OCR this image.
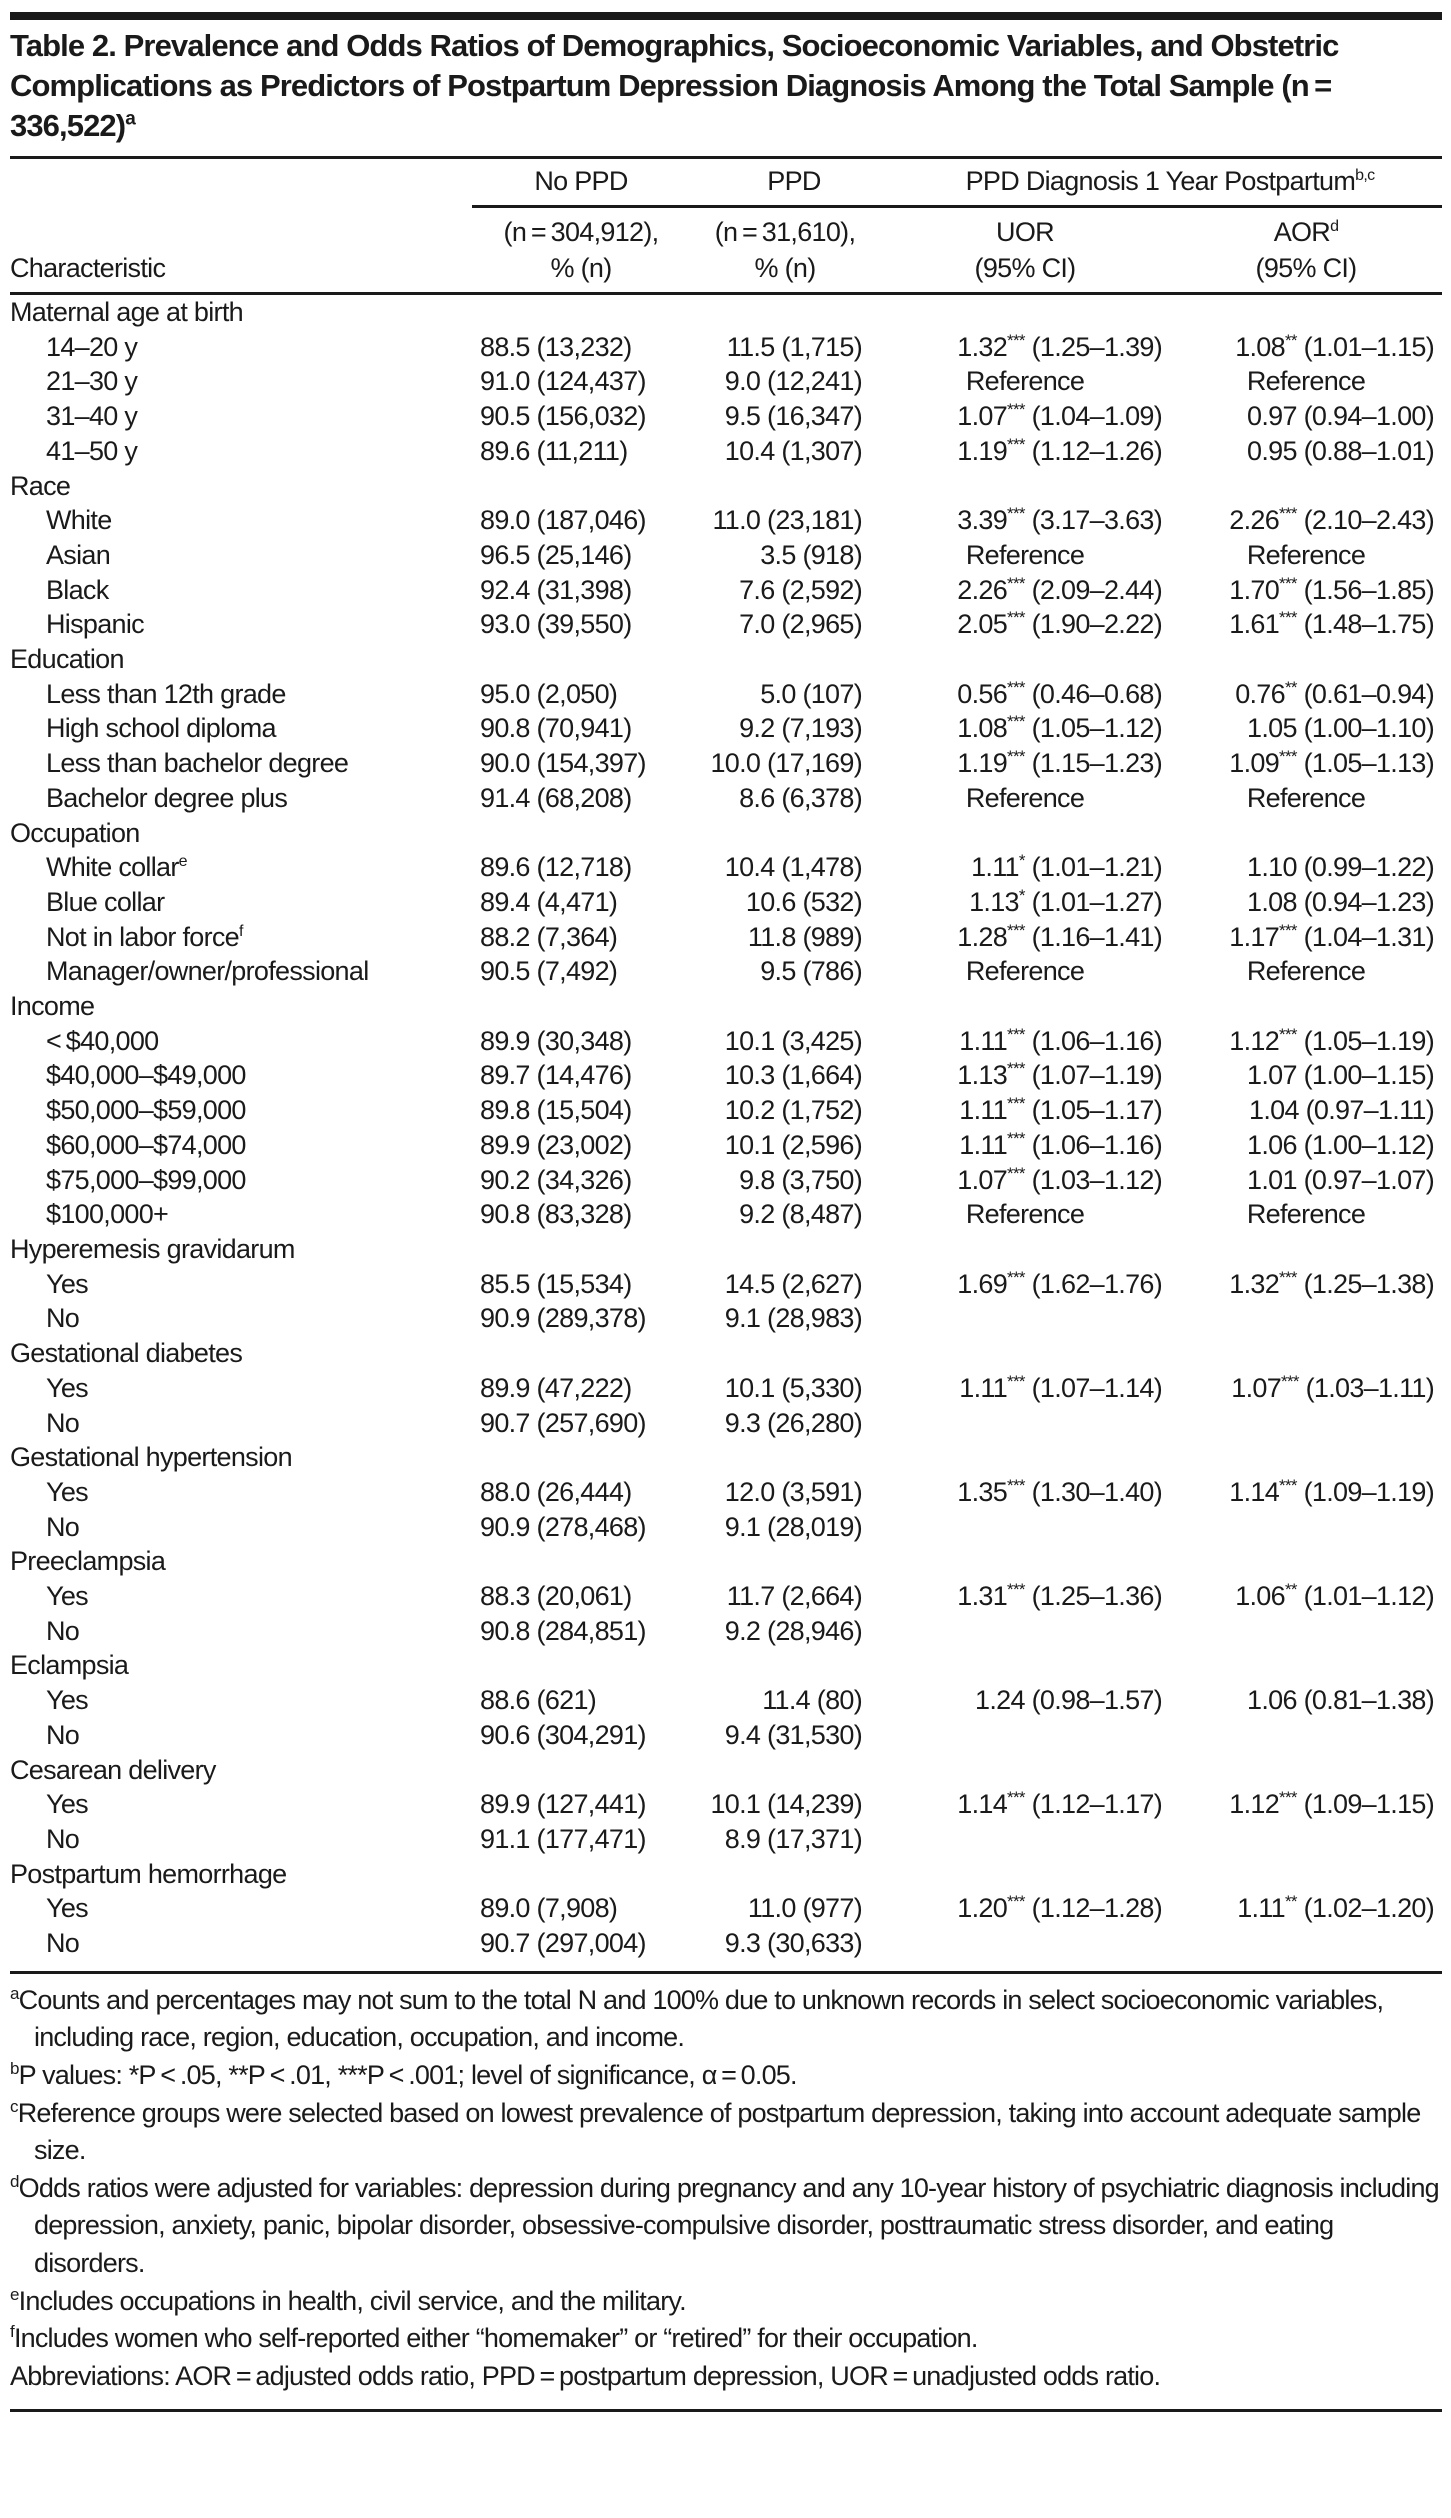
Table 2. Prevalence and Odds Ratios of Demographics, Socioeconomic Variables, and Obstetric Complications as Predictors of Postpartum Depression Diagnosis Among the Total Sample (n = 336,522)$^a$
	No PPD	PPD	PPD Diagnosis 1 Year Postpartum$^{b,c}$
	(n = 304,912),	(n = 31,610),	UOR	AOR$^d$
Characteristic	% (n)	% (n)	(95% CI)	(95% CI)
Maternal age at birth				
14–20 y	88.5 (13,232)	11.5 (1,715)	1.32*** (1.25–1.39)	1.08** (1.01–1.15)
21–30 y	91.0 (124,437)	9.0 (12,241)	Reference	Reference
31–40 y	90.5 (156,032)	9.5 (16,347)	1.07*** (1.04–1.09)	0.97 (0.94–1.00)
41–50 y	89.6 (11,211)	10.4 (1,307)	1.19*** (1.12–1.26)	0.95 (0.88–1.01)
Race				
White	89.0 (187,046)	11.0 (23,181)	3.39*** (3.17–3.63)	2.26*** (2.10–2.43)
Asian	96.5 (25,146)	3.5 (918)	Reference	Reference
Black	92.4 (31,398)	7.6 (2,592)	2.26*** (2.09–2.44)	1.70*** (1.56–1.85)
Hispanic	93.0 (39,550)	7.0 (2,965)	2.05*** (1.90–2.22)	1.61*** (1.48–1.75)
Education				
Less than 12th grade	95.0 (2,050)	5.0 (107)	0.56*** (0.46–0.68)	0.76** (0.61–0.94)
High school diploma	90.8 (70,941)	9.2 (7,193)	1.08*** (1.05–1.12)	1.05 (1.00–1.10)
Less than bachelor degree	90.0 (154,397)	10.0 (17,169)	1.19*** (1.15–1.23)	1.09*** (1.05–1.13)
Bachelor degree plus	91.4 (68,208)	8.6 (6,378)	Reference	Reference
Occupation				
White collar$^e$	89.6 (12,718)	10.4 (1,478)	1.11* (1.01–1.21)	1.10 (0.99–1.22)
Blue collar	89.4 (4,471)	10.6 (532)	1.13* (1.01–1.27)	1.08 (0.94–1.23)
Not in labor force$^f$	88.2 (7,364)	11.8 (989)	1.28*** (1.16–1.41)	1.17*** (1.04–1.31)
Manager/owner/professional	90.5 (7,492)	9.5 (786)	Reference	Reference
Income				
< $40,000	89.9 (30,348)	10.1 (3,425)	1.11*** (1.06–1.16)	1.12*** (1.05–1.19)
$40,000–$49,000	89.7 (14,476)	10.3 (1,664)	1.13*** (1.07–1.19)	1.07 (1.00–1.15)
$50,000–$59,000	89.8 (15,504)	10.2 (1,752)	1.11*** (1.05–1.17)	1.04 (0.97–1.11)
$60,000–$74,000	89.9 (23,002)	10.1 (2,596)	1.11*** (1.06–1.16)	1.06 (1.00–1.12)
$75,000–$99,000	90.2 (34,326)	9.8 (3,750)	1.07*** (1.03–1.12)	1.01 (0.97–1.07)
$100,000+	90.8 (83,328)	9.2 (8,487)	Reference	Reference
Hyperemesis gravidarum				
Yes	85.5 (15,534)	14.5 (2,627)	1.69*** (1.62–1.76)	1.32*** (1.25–1.38)
No	90.9 (289,378)	9.1 (28,983)		
Gestational diabetes				
Yes	89.9 (47,222)	10.1 (5,330)	1.11*** (1.07–1.14)	1.07*** (1.03–1.11)
No	90.7 (257,690)	9.3 (26,280)		
Gestational hypertension				
Yes	88.0 (26,444)	12.0 (3,591)	1.35*** (1.30–1.40)	1.14*** (1.09–1.19)
No	90.9 (278,468)	9.1 (28,019)		
Preeclampsia				
Yes	88.3 (20,061)	11.7 (2,664)	1.31*** (1.25–1.36)	1.06** (1.01–1.12)
No	90.8 (284,851)	9.2 (28,946)		
Eclampsia				
Yes	88.6 (621)	11.4 (80)	1.24 (0.98–1.57)	1.06 (0.81–1.38)
No	90.6 (304,291)	9.4 (31,530)		
Cesarean delivery				
Yes	89.9 (127,441)	10.1 (14,239)	1.14*** (1.12–1.17)	1.12*** (1.09–1.15)
No	91.1 (177,471)	8.9 (17,371)		
Postpartum hemorrhage				
Yes	89.0 (7,908)	11.0 (977)	1.20*** (1.12–1.28)	1.11** (1.02–1.20)
No	90.7 (297,004)	9.3 (30,633)		
$^a$Counts and percentages may not sum to the total N and 100% due to unknown records in select socioeconomic variables, including race, region, education, occupation, and income.
$^b$P values: *P < .05, **P < .01, ***P < .001; level of significance, α = 0.05.
$^c$Reference groups were selected based on lowest prevalence of postpartum depression, taking into account adequate sample size.
$^d$Odds ratios were adjusted for variables: depression during pregnancy and any 10-year history of psychiatric diagnosis including depression, anxiety, panic, bipolar disorder, obsessive-compulsive disorder, posttraumatic stress disorder, and eating disorders.
$^e$Includes occupations in health, civil service, and the military.
$^f$Includes women who self-reported either “homemaker” or “retired” for their occupation.
Abbreviations: AOR = adjusted odds ratio, PPD = postpartum depression, UOR = unadjusted odds ratio.
